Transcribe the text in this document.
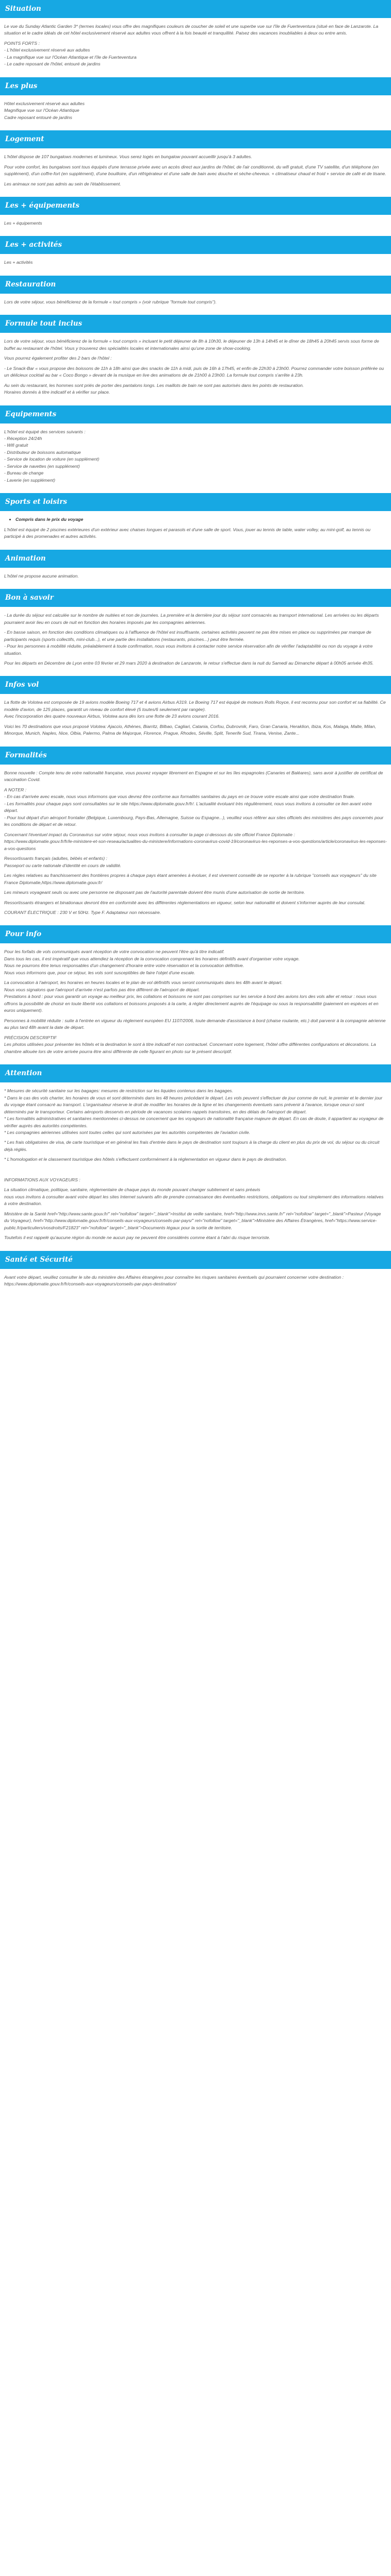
Situation

Le vue du Sunday Atlantic Garden 3* (termes locales) vous offre des magnifiques couleurs de coucher de soleil et une superbe vue sur l'île de Fuerteventura (situé en face de Lanzarote. La situation et le cadre idéals de cet hôtel exclusivement réservé aux adultes vous offrent à la fois beauté et tranquillité. Paisez des vacances inoubliables à deux ou entre amis.

POINTS FORTS :
- L'hôtel exclusivement réservé aux adultes
- La magnifique vue sur l'Océan Atlantique et l'île de Fuerteventura
- Le cadre reposant de l'hôtel, entouré de jardins

Les plus

Hôtel exclusivement réservé aux adultes
Magnifique vue sur l'Océan Atlantique
Cadre reposant entouré de jardins

Logement

L'hôtel dispose de 107 bungalows modernes et lumineux. Vous serez logés en bungalow pouvant accueillir jusqu'à 3 adultes.

Pour votre confort, les bungalows sont tous équipés d'une terrasse privée avec un accès direct aux jardins de l'hôtel, de l'air conditionné, du wifi gratuit, d'une TV satellite, d'un téléphone (en supplément), d'un coffre-fort (en supplément), d'une bouilloire, d'un réfrigérateur et d'une salle de bain avec douche et sèche-cheveux. + climatiseur chaud et froid + service de café et de tisane.

Les animaux ne sont pas admis au sein de l'établissement.

Les + équipements

Les + équipements

Les + activités

Les + activités

Restauration

Lors de votre séjour, vous bénéficierez de la formule « tout compris » (voir rubrique "formule tout compris").

Formule tout inclus

Lors de votre séjour, vous bénéficierez de la formule « tout compris » incluant le petit déjeuner de 8h à 10h30, le déjeuner de 13h à 14h45 et le dîner de 18h45 à 20h45 servis sous forme de buffet au restaurant de l'hôtel. Vous y trouverez des spécialités locales et internationales ainsi qu'une zone de show-cooking.

Vous pourrez également profiter des 2 bars de l'hôtel :

- Le Snack-Bar « vous propose des boissons de 11h à 18h ainsi que des snacks de 11h à midi, puis de 16h à 17h45, et enfin de 22h30 à 23h00. Pourrez commander votre boisson préférée ou un délicieux cocktail au bar « Coco Bongo » devant de la musique en live des animations de de 21h00 à 23h00. La formule tout compris s'arrête à 23h.

Au sein du restaurant, les hommes sont priés de porter des pantalons longs. Les maillots de bain ne sont pas autorisés dans les points de restauration.
Horaires donnés à titre indicatif et à vérifier sur place.

Equipements

L'hôtel est équipé des services suivants :
- Réception 24/24h
- Wifi gratuit
- Distributeur de boissons automatique
- Service de location de voiture (en supplément)
- Service de navettes (en supplément)
- Bureau de change
- Laverie (en supplément)

Sports et loisirs
• Compris dans le prix du voyage

L'hôtel est équipé de 2 piscines extérieures d'un extérieur avec chaises longues et parasols et d'une salle de sport. Vous, jouer au tennis de table, water volley, au mini-golf, au tennis ou participé à des promenades et autres activités.

Animation

L'hôtel ne propose aucune animation.

Bon à savoir

- La durée du séjour est calculée sur le nombre de nuitées et non de journées. La première et la dernière jour du séjour sont consacrés au transport international. Les arrivées ou les départs pourraient avoir lieu en cours de nuit en fonction des horaires imposés par les compagnies aériennes.

- En basse saison, en fonction des conditions climatiques ou à l'affluence de l'hôtel est insuffisante, certaines activités peuvent ne pas être mises en place ou supprimées par manque de participants requis (sports collectifs, mini-club...), et une partie des installations (restaurants, piscines...) peut être fermée.
- Pour les personnes à mobilité réduite, préalablement à toute confirmation, nous vous invitons à contacter notre service réservation afin de vérifier l'adaptabilité ou non du voyage à votre situation.

Pour les départs en Décembre de Lyon entre 03 février et 29 mars 2020 à destination de Lanzarote, le retour s'effectue dans la nuit du Samedi au Dimanche départ à 00h05 arrivée 4h35.

Infos vol

La flotte de Volotea est composée de 19 avions modèle Boeing 717 et 4 avions Airbus A319. Le Boeing 717 est équipé de moteurs Rolls Royce, il est reconnu pour son confort et sa fiabilité. Ce modèle d'avion, de 125 places, garantit un niveau de confort élevé (5 toutes/6 seulement par rangée).
Avec l'incorporation des quatre nouveaux Airbus, Volotea aura dès lors une flotte de 23 avions courant 2016.

Voici les 70 destinations que vous proposé Volotea: Ajaccio, Athènes, Biarritz, Bilbao, Cagliari, Catania, Corfou, Dubrovnik, Faro, Gran Canaria, Heraklion, Ibiza, Kos, Malaga, Malte, Milan, Minorque, Munich, Naples, Nice, Olbia, Palermo, Palma de Majorque, Florence, Prague, Rhodes, Séville, Split, Tenerife Sud, Tirana, Venise, Zante...

Formalités

Bonne nouvelle : Compte tenu de votre nationalité française, vous pouvez voyager librement en Espagne et sur les îles espagnoles (Canaries et Baléares), sans avoir à justifier de certificat de vaccination Covid.

A NOTER :
- En cas d'arrivée avec escale, nous vous informons que vous devrez être conforme aux formalités sanitaires du pays en ce trouve votre escale ainsi que votre destination finale.
- Les formalités pour chaque pays sont consultables sur le site https://www.diplomatie.gouv.fr/fr/. L'actualité évoluant très régulièrement, nous vous invitons à consulter ce lien avant votre départ.
- Pour tout départ d'un aéroport frontalier (Belgique, Luxembourg, Pays-Bas, Allemagne, Suisse ou Espagne...), veuillez vous référer aux sites officiels des ministères des pays concernés pour les conditions de départ et de retour.

Concernant l'éventuel impact du Coronavirus sur votre séjour, nous vous invitons à consulter la page ci-dessous du site officiel France Diplomatie :
https://www.diplomatie.gouv.fr/fr/le-ministere-et-son-reseau/actualites-du-ministere/informations-coronavirus-covid-19/coronavirus-les-reponses-a-vos-questions/article/coronavirus-les-reponses-a-vos-questions

Ressortissants français (adultes, bébés et enfants) :
Passeport ou carte nationale d'identité en cours de validité.

Les règles relatives au franchissement des frontières propres à chaque pays étant amenées à évoluer, il est vivement conseillé de se reporter à la rubrique "conseils aux voyageurs" du site France Diplomatie,https://www.diplomatie.gouv.fr/

Les mineurs voyageant seuls ou avec une personne ne disposant pas de l'autorité parentale doivent être munis d'une autorisation de sortie de territoire.

Ressortissants étrangers et binationaux devront être en conformité avec les différentes réglementations en vigueur, selon leur nationalité et doivent s'informer auprès de leur consulat.

COURANT ÉLECTRIQUE : 230 V et 50Hz. Type F. Adaptateur non nécessaire.

Pour info

Pour les forfaits de vols communiqués avant réception de votre convocation ne peuvent l'être qu'à titre indicatif.
Dans tous les cas, il est impératif que vous attendiez la réception de la convocation comprenant les horaires définitifs avant d'organiser votre voyage.
Nous ne pourrons être tenus responsables d'un changement d'horaire entre votre réservation et la convocation définitive.
Nous vous informons que, pour ce séjour, les vols sont susceptibles de faire l'objet d'une escale.

La convocation à l'aéroport, les horaires en heures locales et le plan de vol définitifs vous seront communiqués dans les 48h avant le départ.
Nous vous signalons que l'aéroport d'arrivée n'est parfois pas être différent de l'aéroport de départ.
Prestations à bord : pour vous garantir un voyage au meilleur prix, les collations et boissons ne sont pas comprises sur les service à bord des avions lors des vols aller et retour : nous vous offrons la possibilité de choisir en toute liberté vos collations et boissons proposés à la carte, à régler directement auprès de l'équipage ou sous la responsabilité (paiement en espèces et en euros uniquement).

Personnes à mobilité réduite : suite à l'entrée en vigueur du règlement européen EU 1107/2006, toute demande d'assistance à bord (chaise roulante, etc.) doit parvenir à la compagnie aérienne au plus tard 48h avant la date de départ.

PRÉCISION DESCRIPTIF
Les photos utilisées pour présenter les hôtels et la destination le sont à titre indicatif et non contractuel. Concernant votre logement, l'hôtel offre différentes configurations et décorations. La chambre allouée lors de votre arrivée pourra être ainsi différente de celle figurant en photo sur le présent descriptif.

Attention

* Mesures de sécurité sanitaire sur les bagages: mesures de restriction sur les liquides contenus dans les bagages.
* Dans le cas des vols charter, les horaires de vous et sont déterminés dans les 48 heures précédant le départ. Les vols peuvent s'effectuer de jour comme de nuit, le premier et le dernier jour du voyage étant consacré au transport. L'organisateur réserve le droit de modifier les horaires de la ligne et les changements éventuels sans prévenir à l'avance, lorsque ceux-ci sont déterminés par le transporteur. Certains aéroports desservis en période de vacances scolaires rappels transitoires, en des délais de l'aéroport de départ.
* Les formalités administratives et sanitaires mentionnées ci-dessus ne concernent que les voyageurs de nationalité française majeure de départ. En cas de doute, il appartient au voyageur de vérifier auprès des autorités compétentes.
* Les compagnies aériennes utilisées sont toutes celles qui sont autorisées par les autorités compétentes de l'aviation civile.

* Les frais obligatoires de visa, de carte touristique et en général les frais d'entrée dans le pays de destination sont toujours à la charge du client en plus du prix de vol, du séjour ou du circuit déjà réglés.

* L'homologation et le classement touristique des hôtels s'effectuent conformément à la réglementation en vigueur dans le pays de destination.

INFORMATIONS AUX VOYAGEURS :

La situation climatique, politique, sanitaire, réglementaire de chaque pays du monde pouvant changer subitement et sans préavis
nous vous invitons à consulter avant votre départ les sites Internet suivants afin de prendre connaissance des éventuelles restrictions, obligations ou tout simplement des informations relatives à votre destination.

Ministère de la Santé href="http://www.sante.gouv.fr/" rel="nofollow" target="_blank">Institut de veille sanitaire, href="http://www.invs.sante.fr/" rel="nofollow" target="_blank">Pasteur (Voyage du Voyageur), href="http://www.diplomatie.gouv.fr/fr/conseils-aux-voyageurs/conseils-par-pays/" rel="nofollow" target="_blank">Ministère des Affaires Étrangères, href="https://www.service-public.fr/particuliers/vosdroits/F21823" rel="nofollow" target="_blank">Documents légaux pour la sortie de territoire.

Toutefois il est rappelé qu'aucune région du monde ne aucun pay ne peuvent être considérés comme étant à l'abri du risque terroriste.

Santé et Sécurité

Avant votre départ, veuillez consulter le site du ministère des Affaires étrangères pour connaître les risques sanitaires éventuels qui pourraient concerner votre destination : https://www.diplomatie.gouv.fr/fr/conseils-aux-voyageurs/conseils-par-pays-destination/
